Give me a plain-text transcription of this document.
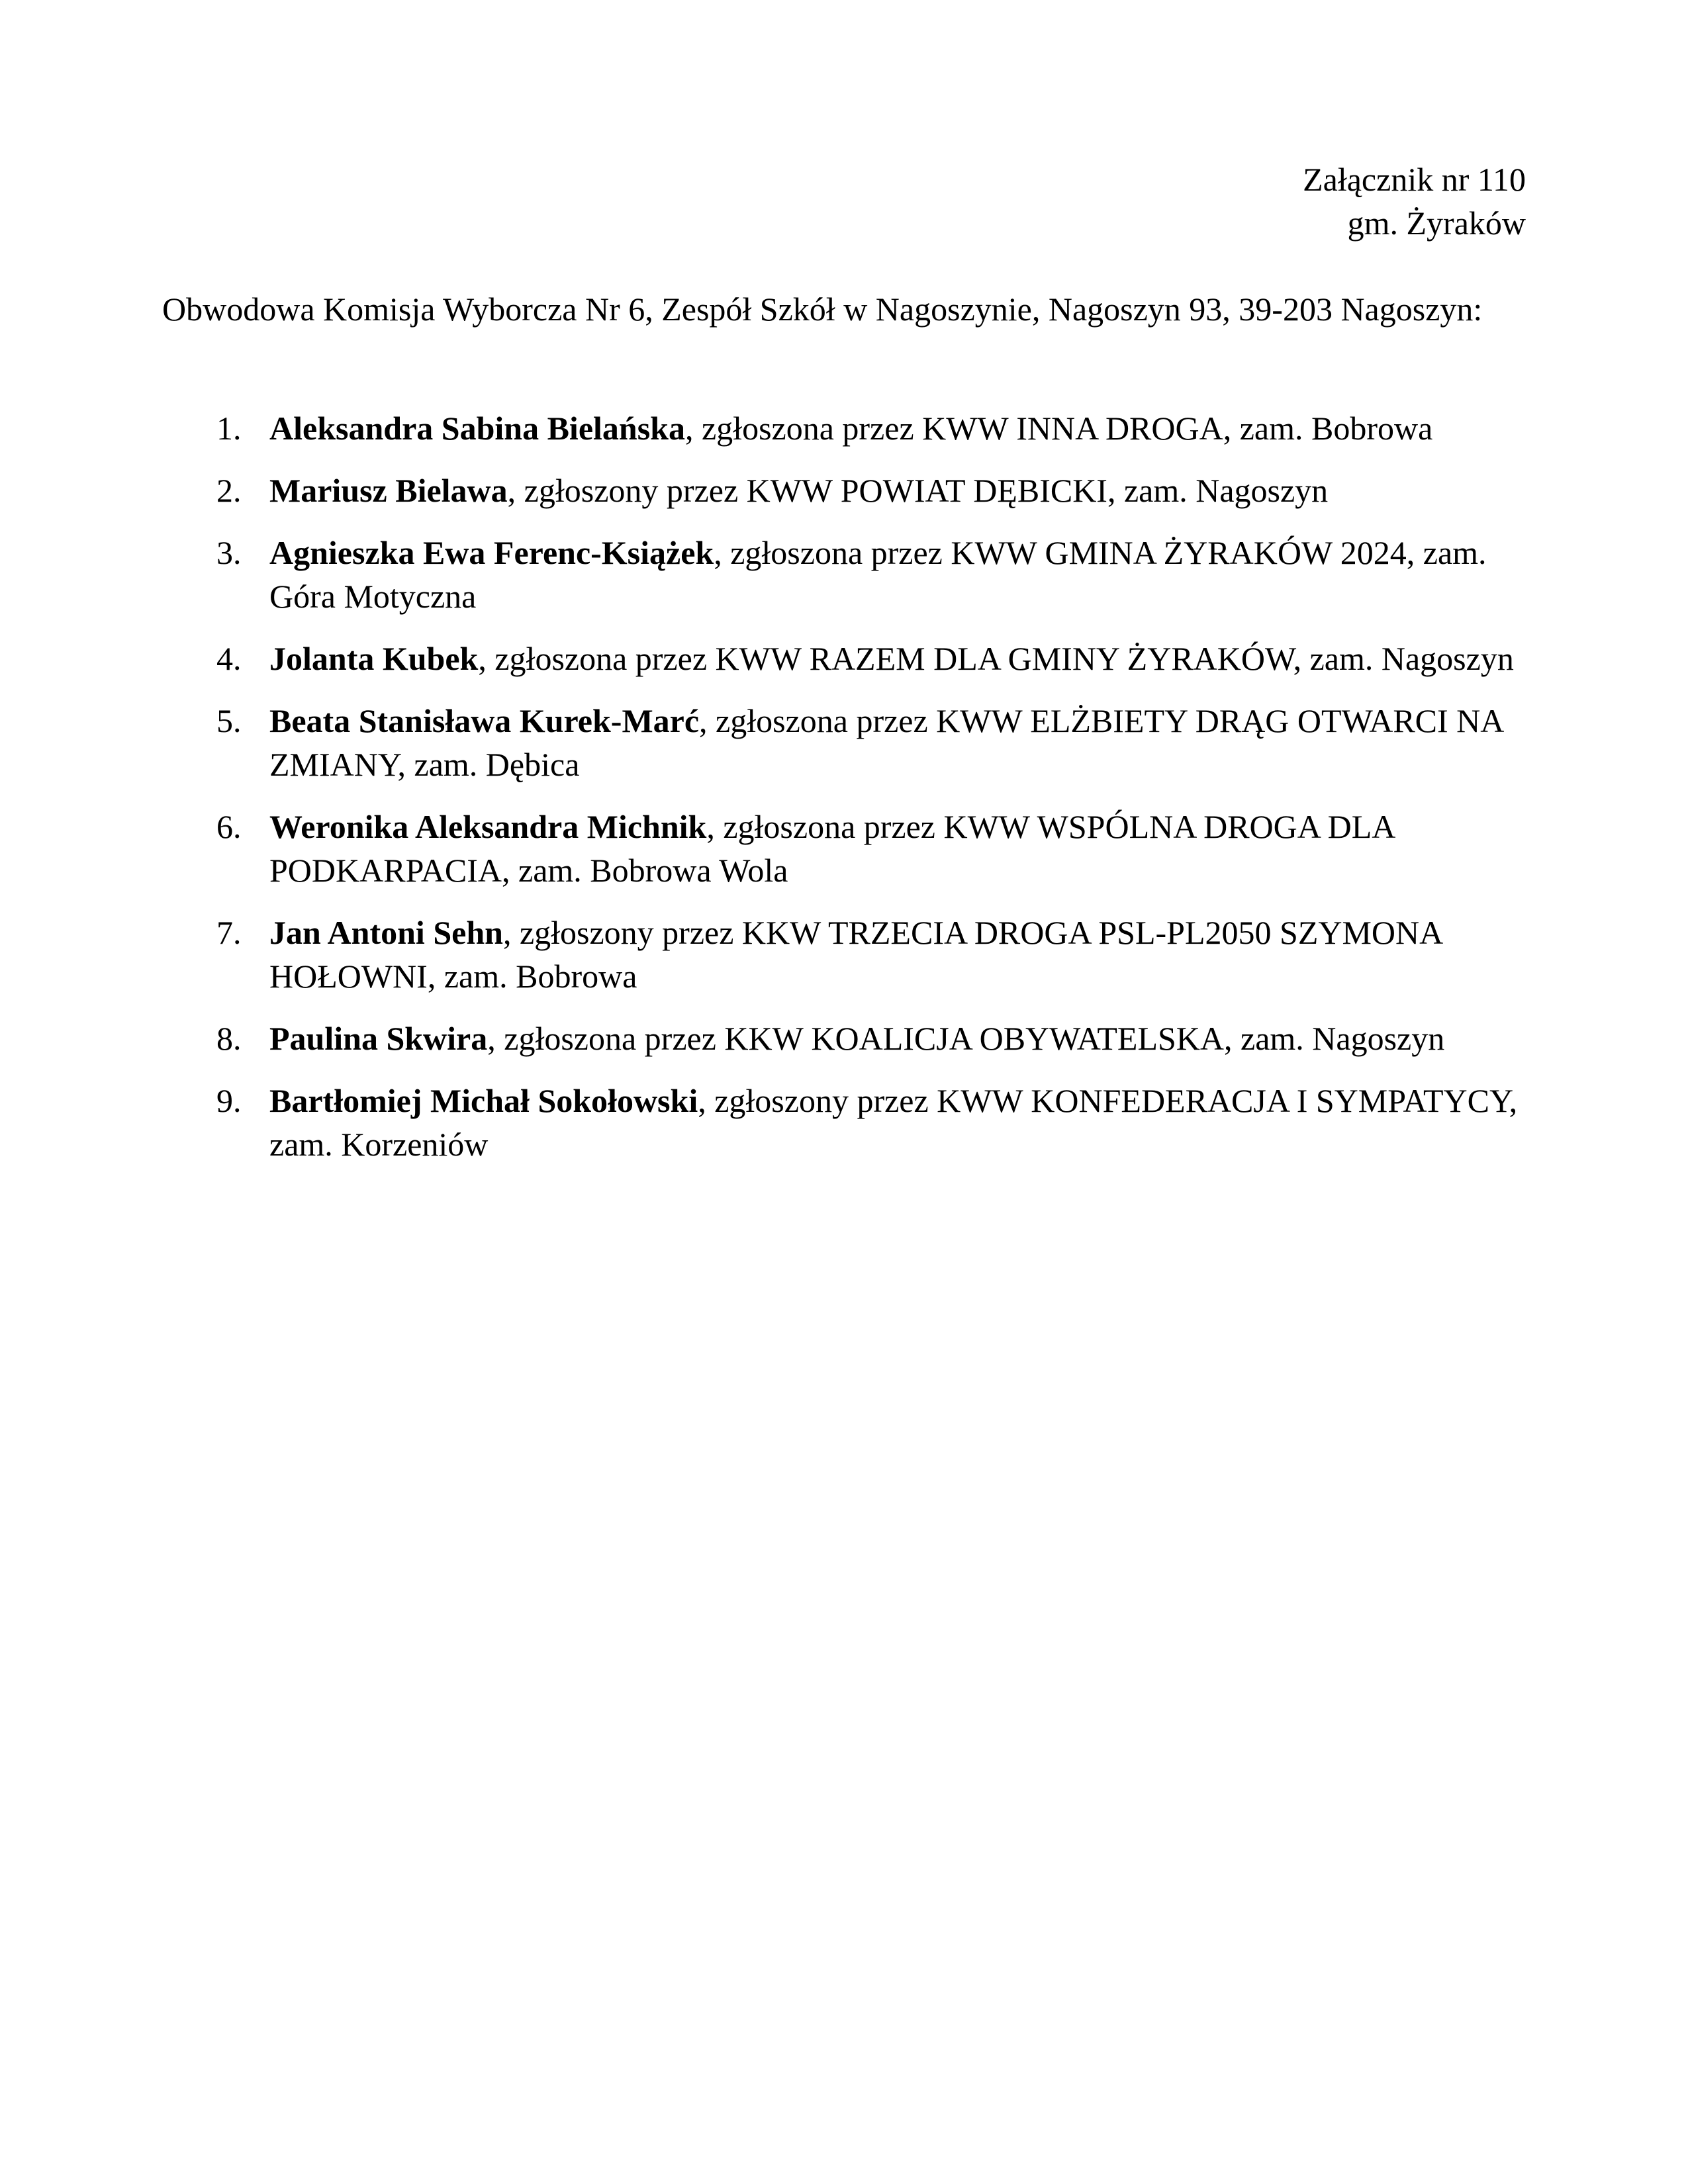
Załącznik nr 110
gm. Żyraków
Obwodowa Komisja Wyborcza Nr 6, Zespół Szkół w Nagoszynie, Nagoszyn 93, 39-203 Nagoszyn:
1. Aleksandra Sabina Bielańska, zgłoszona przez KWW INNA DROGA, zam. Bobrowa
2. Mariusz Bielawa, zgłoszony przez KWW POWIAT DĘBICKI, zam. Nagoszyn
3. Agnieszka Ewa Ferenc-Książek, zgłoszona przez KWW GMINA ŻYRAKÓW 2024, zam. Góra Motyczna
4. Jolanta Kubek, zgłoszona przez KWW RAZEM DLA GMINY ŻYRAKÓW, zam. Nagoszyn
5. Beata Stanisława Kurek-Marć, zgłoszona przez KWW ELŻBIETY DRĄG OTWARCI NA ZMIANY, zam. Dębica
6. Weronika Aleksandra Michnik, zgłoszona przez KWW WSPÓLNA DROGA DLA PODKARPACIA, zam. Bobrowa Wola
7. Jan Antoni Sehn, zgłoszony przez KKW TRZECIA DROGA PSL-PL2050 SZYMONA HOŁOWNI, zam. Bobrowa
8. Paulina Skwira, zgłoszona przez KKW KOALICJA OBYWATELSKA, zam. Nagoszyn
9. Bartłomiej Michał Sokołowski, zgłoszony przez KWW KONFEDERACJA I SYMPATYCY, zam. Korzeniów
